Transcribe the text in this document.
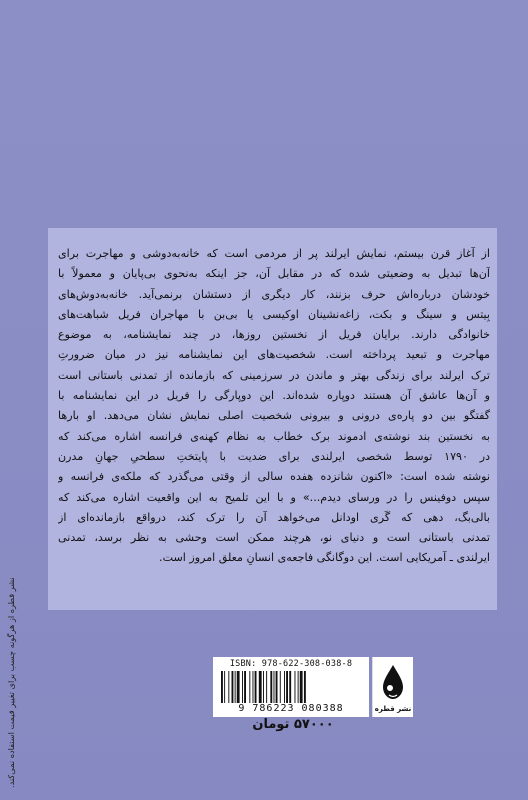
از آغاز قرن بیستم، نمایش ایرلند پر از مردمی است که خانه‌به‌دوشی و مهاجرت برای
آن‌ها تبدیل به وضعیتی شده که در مقابل آن، جز اینکه به‌نحوی بی‌پایان و معمولاً با
خودشان درباره‌اش حرف بزنند، کار دیگری از دستشان برنمی‌آید. خانه‌به‌دوش‌های
بِیتس و سینگ و بکت، زاغه‌نشینان اوکیسی یا بی‌بن با مهاجران فریل شباهت‌های
خانوادگی دارند. برایان فریل از نخستین روزها، در چند نمایشنامه، به موضوع
مهاجرت و تبعید پرداخته است. شخصیت‌های این نمایشنامه نیز در میان ضرورتِ
ترک ایرلند برای زندگی بهتر و ماندن در سرزمینی که بازمانده از تمدنی باستانی است
و آن‌ها عاشق آن هستند دوپاره شده‌اند. این دوپارگی را فریل در این نمایشنامه با
گفتگو بین دو پاره‌ی درونی و بیرونی شخصیت اصلی نمایش نشان می‌دهد. او بارها
به نخستین بند نوشته‌ی ادموند برک خطاب به نظام کهنه‌ی فرانسه اشاره می‌کند که
در ۱۷۹۰ توسط شخصی ایرلندی برای ضدیت با پایتختِ سطحیِ جهانِ مدرن
نوشته شده است: «اکنون شانزده هفده سالی از وقتی می‌گذرد که ملکه‌ی فرانسه و
سپس دوفینس را در ورسای دیدم...» و با این تلمیح به این واقعیت اشاره می‌کند که
بالی‌بگ، دهی که گَری اودانل می‌خواهد آن را ترک کند، درواقع بازمانده‌ای از
تمدنی باستانی است و دنیای نو، هرچند ممکن است وحشی به نظر برسد، تمدنی
ایرلندی ـ آمریکایی است. این دوگانگی فاجعه‌ی انسانِ معلق امروز است.
ISBN: 978-622-308-038-8
9 786223 080388	نشر قطره
۵۷۰۰۰ تومان
نشر قطره از هرگونه چسب برای تغییر قیمت استفاده نمی‌کند.
